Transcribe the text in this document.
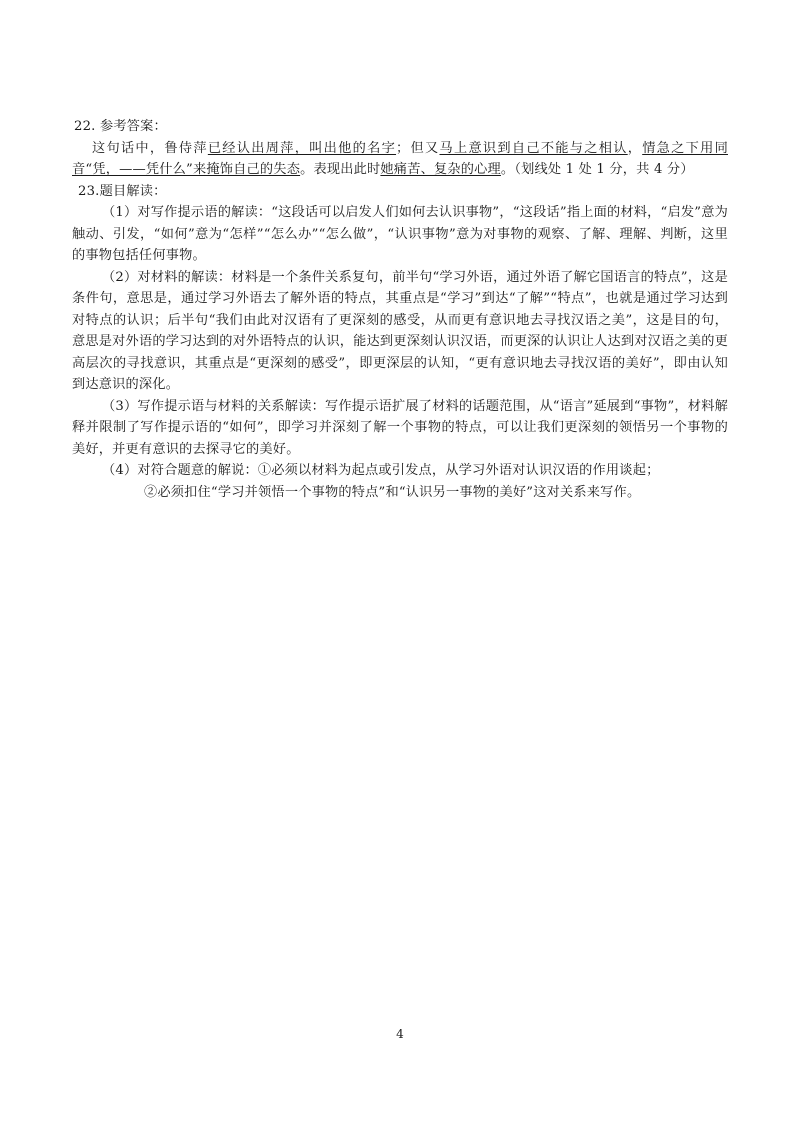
22. 参考答案：

这句话中，鲁侍萍已经认出周萍，叫出他的名字；但又马上意识到自己不能与之相认，情急之下用同音“凭，——凭什么”来掩饰自己的失态。表现出此时她痛苦、复杂的心理。（划线处 1 处 1 分，共 4 分）

23.题目解读：

（1）对写作提示语的解读：“这段话可以启发人们如何去认识事物”，“这段话”指上面的材料，“启发”意为触动、引发，“如何”意为“怎样”“怎么办”“怎么做”，“认识事物”意为对事物的观察、了解、理解、判断，这里的事物包括任何事物。

（2）对材料的解读：材料是一个条件关系复句，前半句“学习外语，通过外语了解它国语言的特点”，这是条件句，意思是，通过学习外语去了解外语的特点，其重点是“学习”到达“了解”“特点”，也就是通过学习达到对特点的认识；后半句“我们由此对汉语有了更深刻的感受，从而更有意识地去寻找汉语之美”，这是目的句，意思是对外语的学习达到的对外语特点的认识，能达到更深刻认识汉语，而更深的认识让人达到对汉语之美的更高层次的寻找意识，其重点是“更深刻的感受”，即更深层的认知，“更有意识地去寻找汉语的美好”，即由认知到达意识的深化。

（3）写作提示语与材料的关系解读：写作提示语扩展了材料的话题范围，从“语言”延展到“事物”，材料解释并限制了写作提示语的“如何”，即学习并深刻了解一个事物的特点，可以让我们更深刻的领悟另一个事物的美好，并更有意识的去探寻它的美好。

（4）对符合题意的解说：①必须以材料为起点或引发点，从学习外语对认识汉语的作用谈起；

②必须扣住“学习并领悟一个事物的特点”和“认识另一事物的美好”这对关系来写作。

4
